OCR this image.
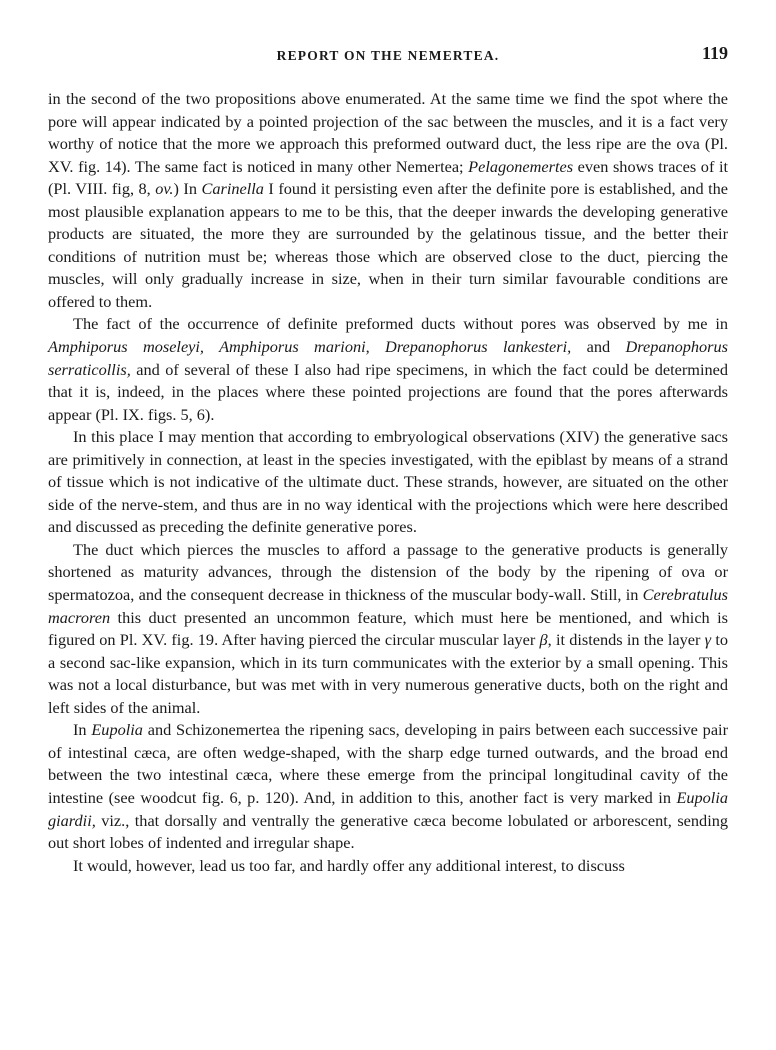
REPORT ON THE NEMERTEA.	119

in the second of the two propositions above enumerated. At the same time we find the spot where the pore will appear indicated by a pointed projection of the sac between the muscles, and it is a fact very worthy of notice that the more we approach this preformed outward duct, the less ripe are the ova (Pl. XV. fig. 14). The same fact is noticed in many other Nemertea; Pelagonemertes even shows traces of it (Pl. VIII. fig, 8, ov.) In Carinella I found it persisting even after the definite pore is established, and the most plausible explanation appears to me to be this, that the deeper inwards the developing generative products are situated, the more they are surrounded by the gelatinous tissue, and the better their conditions of nutrition must be; whereas those which are observed close to the duct, piercing the muscles, will only gradually increase in size, when in their turn similar favourable conditions are offered to them.

The fact of the occurrence of definite preformed ducts without pores was observed by me in Amphiporus moseleyi, Amphiporus marioni, Drepanophorus lankesteri, and Drepanophorus serraticollis, and of several of these I also had ripe specimens, in which the fact could be determined that it is, indeed, in the places where these pointed projections are found that the pores afterwards appear (Pl. IX. figs. 5, 6).

In this place I may mention that according to embryological observations (XIV) the generative sacs are primitively in connection, at least in the species investigated, with the epiblast by means of a strand of tissue which is not indicative of the ultimate duct. These strands, however, are situated on the other side of the nerve-stem, and thus are in no way identical with the projections which were here described and discussed as preceding the definite generative pores.

The duct which pierces the muscles to afford a passage to the generative products is generally shortened as maturity advances, through the distension of the body by the ripening of ova or spermatozoa, and the consequent decrease in thickness of the muscular body-wall. Still, in Cerebratulus macroren this duct presented an uncommon feature, which must here be mentioned, and which is figured on Pl. XV. fig. 19. After having pierced the circular muscular layer β, it distends in the layer γ to a second sac-like expansion, which in its turn communicates with the exterior by a small opening. This was not a local disturbance, but was met with in very numerous generative ducts, both on the right and left sides of the animal.

In Eupolia and Schizonemertea the ripening sacs, developing in pairs between each successive pair of intestinal cæca, are often wedge-shaped, with the sharp edge turned outwards, and the broad end between the two intestinal cæca, where these emerge from the principal longitudinal cavity of the intestine (see woodcut fig. 6, p. 120). And, in addition to this, another fact is very marked in Eupolia giardii, viz., that dorsally and ventrally the generative cæca become lobulated or arborescent, sending out short lobes of indented and irregular shape.

It would, however, lead us too far, and hardly offer any additional interest, to discuss
